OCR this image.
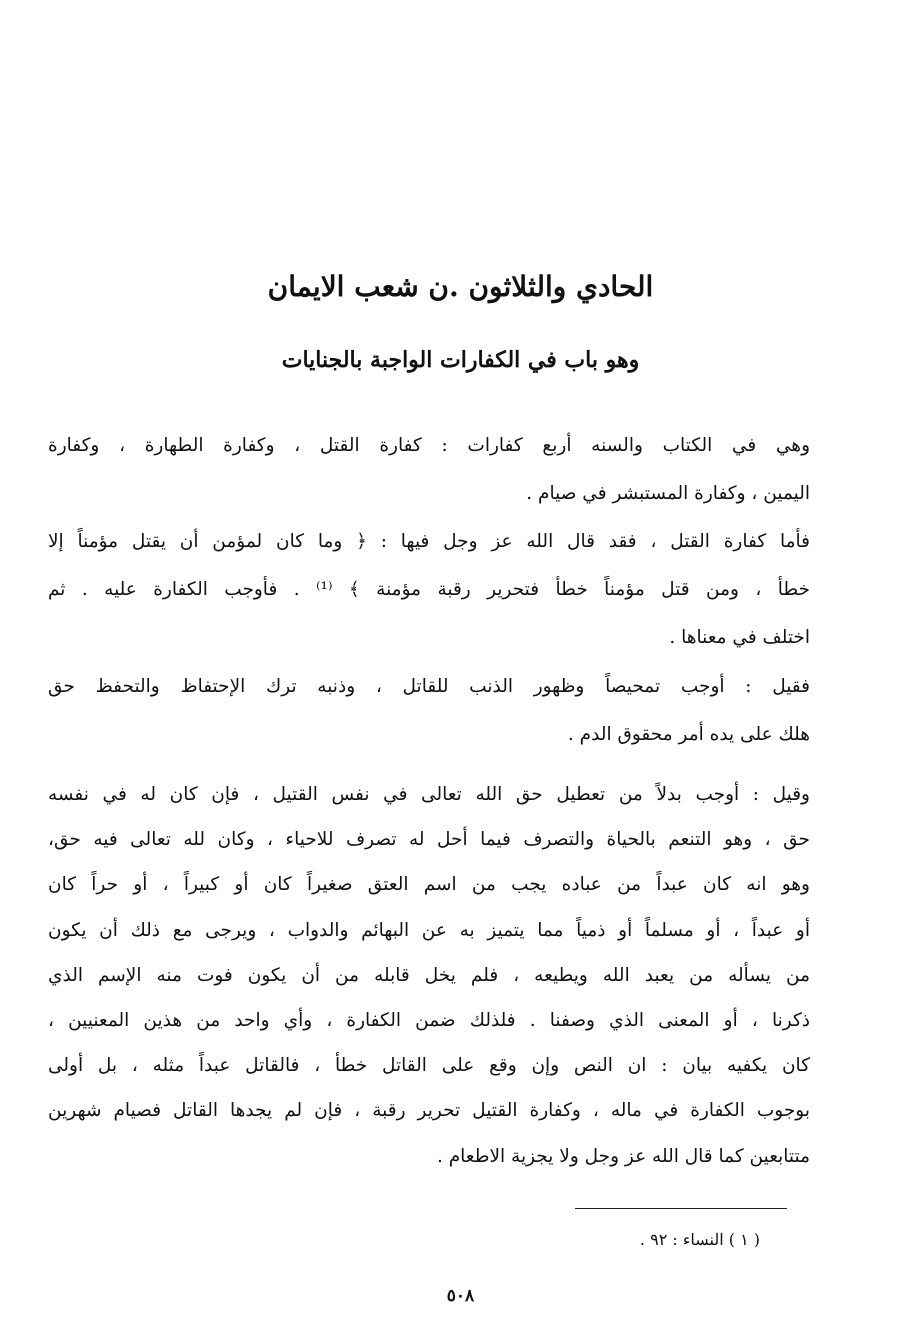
الحادي والثلاثون .ن شعب الايمان
وهو باب في الكفارات الواجبة بالجنايات
وهي في الكتاب والسنه أربع كفارات : كفارة القتل ، وكفارة الطهارة ، وكفارة
اليمين ، وكفارة المستبشر في صيام .
فأما كفارة القتل ، فقد قال الله عز وجل فيها : ﴿ وما كان لمؤمن أن يقتل مؤمناً إلا
خطأ ، ومن قتل مؤمناً خطأ فتحرير رقبة مؤمنة ﴾ ⁽¹⁾ . فأوجب الكفارة عليه . ثم
اختلف في معناها .
فقيل : أوجب تمحيصاً وظهور الذنب للقاتل ، وذنبه ترك الإحتفاظ والتحفظ حق
هلك على يده أمر محقوق الدم .
وقيل : أوجب بدلاً من تعطيل حق الله تعالى في نفس القتيل ، فإن كان له في نفسه
حق ، وهو التنعم بالحياة والتصرف فيما أحل له تصرف للاحياء ، وكان لله تعالى فيه حق،
وهو انه كان عبداً من عباده يجب من اسم العتق صغيراً كان أو كبيراً ، أو حراً كان
أو عبداً ، أو مسلماً أو ذمياً مما يتميز به عن البهائم والدواب ، ويرجى مع ذلك أن يكون
من يسأله من يعبد الله ويطيعه ، فلم يخل قابله من أن يكون فوت منه الإسم الذي
ذكرنا ، أو المعنى الذي وصفنا . فلذلك ضمن الكفارة ، وأي واحد من هذين المعنيين ،
كان يكفيه بيان : ان النص وإن وقع على القاتل خطأ ، فالقاتل عبداً مثله ، بل أولى
بوجوب الكفارة في ماله ، وكفارة القتيل تحرير رقبة ، فإن لم يجدها القاتل فصيام شهرين
متتابعين كما قال الله عز وجل ولا يجزية الاطعام .
( ١ ) النساء : ٩٢ .
٥٠٨
